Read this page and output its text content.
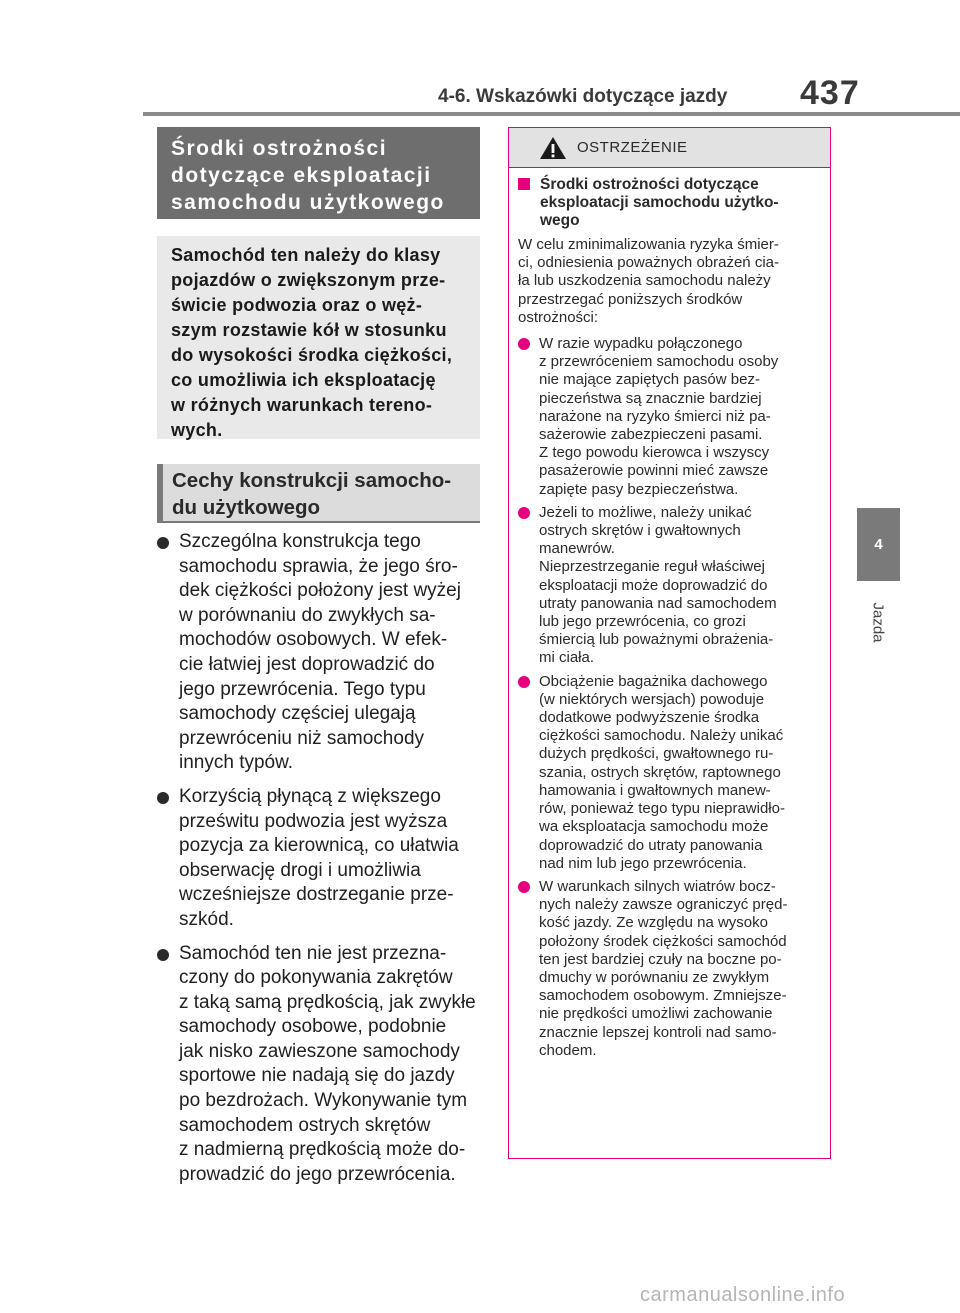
4-6. Wskazówki dotyczące jazdy 437
4
Jazda
Środki ostrożności
dotyczące eksploatacji
samochodu użytkowego

Samochód ten należy do klasy

pojazdów o zwiększonym prze-

świcie podwozia oraz o węż-

szym rozstawie kół w stosunku

do wysokości środka ciężkości,

co umożliwia ich eksploatację

w różnych warunkach tereno-

wych.

Cechy konstrukcji samocho-
du użytkowego

Szczególna konstrukcja tego

samochodu sprawia, że jego śro-

dek ciężkości położony jest wyżej

w porównaniu do zwykłych sa-

mochodów osobowych. W efek-

cie łatwiej jest doprowadzić do

jego przewrócenia. Tego typu

samochody częściej ulegają

przewróceniu niż samochody

innych typów.

Korzyścią płynącą z większego

prześwitu podwozia jest wyższa

pozycja za kierownicą, co ułatwia

obserwację drogi i umożliwia

wcześniejsze dostrzeganie prze-

szkód.

Samochód ten nie jest przezna-

czony do pokonywania zakrętów

z taką samą prędkością, jak zwykłe

samochody osobowe, podobnie

jak nisko zawieszone samochody

sportowe nie nadają się do jazdy

po bezdrożach. Wykonywanie tym

samochodem ostrych skrętów

z nadmierną prędkością może do-

prowadzić do jego przewrócenia.

OSTRZEŻENIE

Środki ostrożności dotyczące

eksploatacji samochodu użytko-

wego

W celu zminimalizowania ryzyka śmier-

ci, odniesienia poważnych obrażeń cia-

ła lub uszkodzenia samochodu należy

przestrzegać poniższych środków

ostrożności:

W razie wypadku połączonego

z przewróceniem samochodu osoby

nie mające zapiętych pasów bez-

pieczeństwa są znacznie bardziej

narażone na ryzyko śmierci niż pa-

sażerowie zabezpieczeni pasami.

Z tego powodu kierowca i wszyscy

pasażerowie powinni mieć zawsze

zapięte pasy bezpieczeństwa.

Jeżeli to możliwe, należy unikać

ostrych skrętów i gwałtownych

manewrów.

Nieprzestrzeganie reguł właściwej

eksploatacji może doprowadzić do

utraty panowania nad samochodem

lub jego przewrócenia, co grozi

śmiercią lub poważnymi obrażenia-

mi ciała.

Obciążenie bagażnika dachowego

(w niektórych wersjach) powoduje

dodatkowe podwyższenie środka

ciężkości samochodu. Należy unikać

dużych prędkości, gwałtownego ru-

szania, ostrych skrętów, raptownego

hamowania i gwałtownych manew-

rów, ponieważ tego typu nieprawidło-

wa eksploatacja samochodu może

doprowadzić do utraty panowania

nad nim lub jego przewrócenia.

W warunkach silnych wiatrów bocz-

nych należy zawsze ograniczyć pręd-

kość jazdy. Ze względu na wysoko

położony środek ciężkości samochód

ten jest bardziej czuły na boczne po-

dmuchy w porównaniu ze zwykłym

samochodem osobowym. Zmniejsze-

nie prędkości umożliwi zachowanie

znacznie lepszej kontroli nad samo-

chodem.

carmanualsonline.info
